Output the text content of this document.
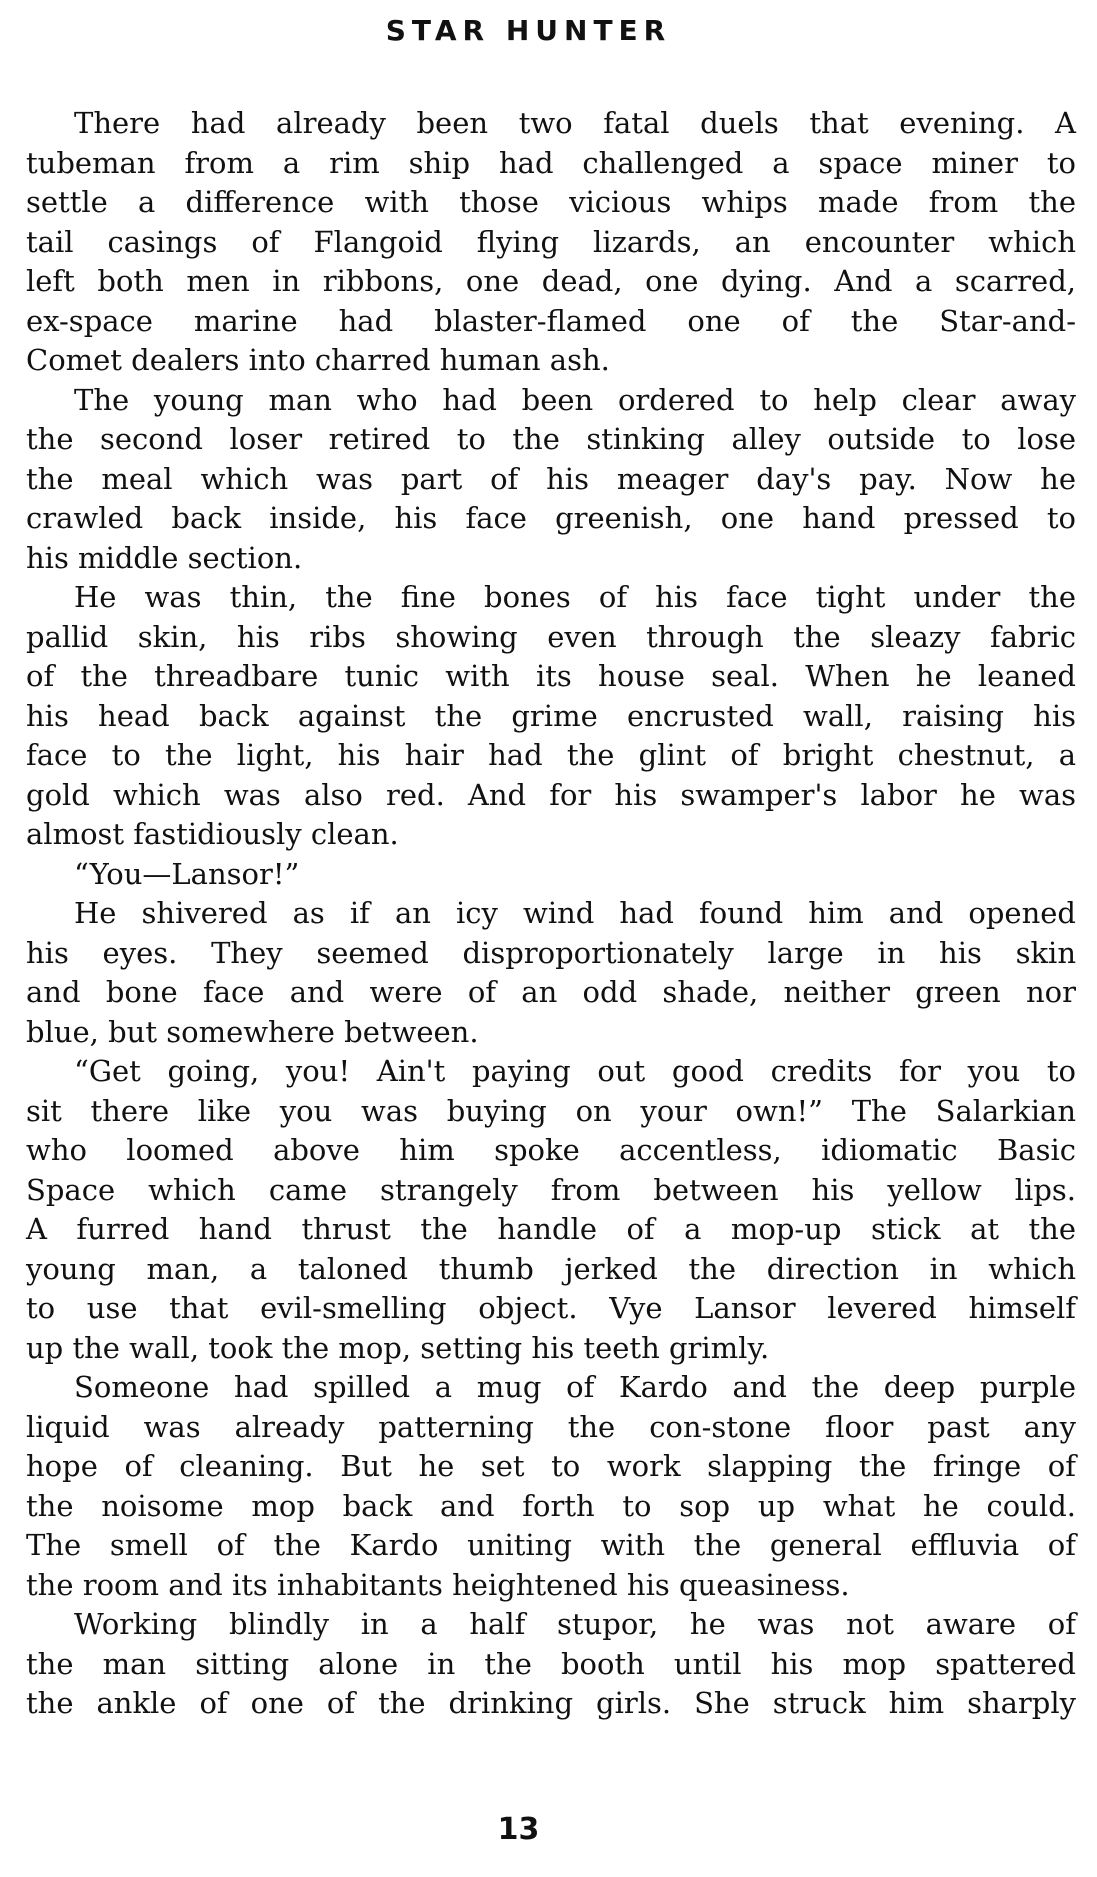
STAR HUNTER
There had already been two fatal duels that evening. A
tubeman from a rim ship had challenged a space miner to
settle a difference with those vicious whips made from the
tail casings of Flangoid flying lizards, an encounter which
left both men in ribbons, one dead, one dying. And a scarred,
ex-space marine had blaster-flamed one of the Star-and-
Comet dealers into charred human ash.
The young man who had been ordered to help clear away
the second loser retired to the stinking alley outside to lose
the meal which was part of his meager day's pay. Now he
crawled back inside, his face greenish, one hand pressed to
his middle section.
He was thin, the fine bones of his face tight under the
pallid skin, his ribs showing even through the sleazy fabric
of the threadbare tunic with its house seal. When he leaned
his head back against the grime encrusted wall, raising his
face to the light, his hair had the glint of bright chestnut, a
gold which was also red. And for his swamper's labor he was
almost fastidiously clean.
“You—Lansor!”
He shivered as if an icy wind had found him and opened
his eyes. They seemed disproportionately large in his skin
and bone face and were of an odd shade, neither green nor
blue, but somewhere between.
“Get going, you! Ain't paying out good credits for you to
sit there like you was buying on your own!” The Salarkian
who loomed above him spoke accentless, idiomatic Basic
Space which came strangely from between his yellow lips.
A furred hand thrust the handle of a mop-up stick at the
young man, a taloned thumb jerked the direction in which
to use that evil-smelling object. Vye Lansor levered himself
up the wall, took the mop, setting his teeth grimly.
Someone had spilled a mug of Kardo and the deep purple
liquid was already patterning the con-stone floor past any
hope of cleaning. But he set to work slapping the fringe of
the noisome mop back and forth to sop up what he could.
The smell of the Kardo uniting with the general effluvia of
the room and its inhabitants heightened his queasiness.
Working blindly in a half stupor, he was not aware of
the man sitting alone in the booth until his mop spattered
the ankle of one of the drinking girls. She struck him sharply
13
